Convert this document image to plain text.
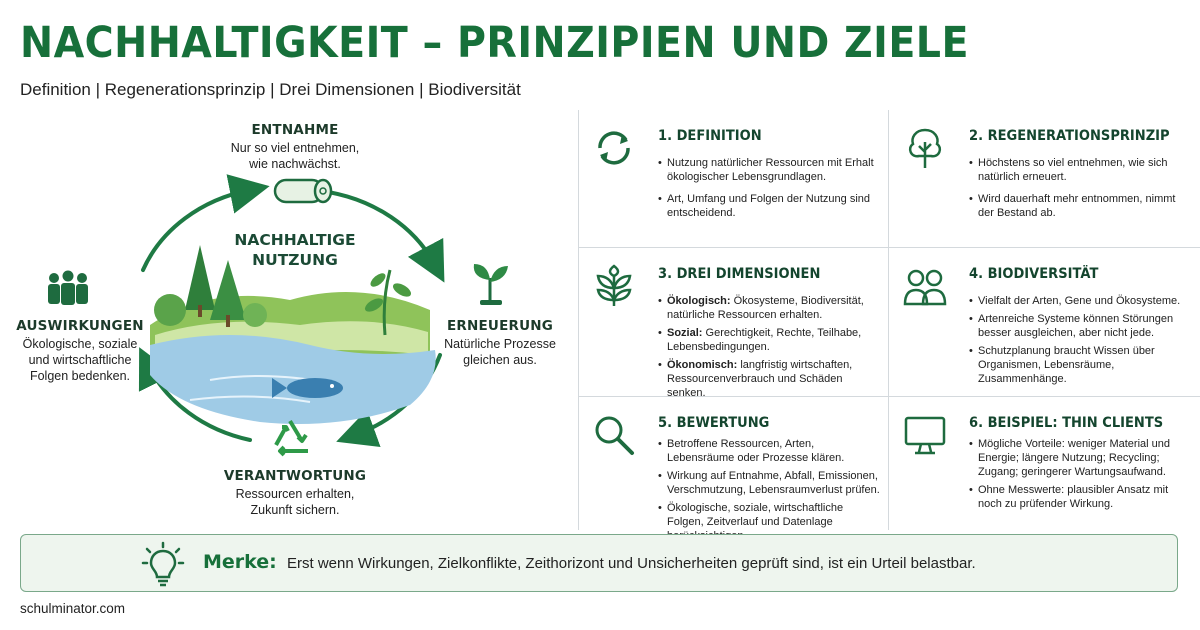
NACHHALTIGKEIT – PRINZIPIEN UND ZIELE
Definition | Regenerationsprinzip | Drei Dimensionen | Biodiversität
NACHHALTIGE NUTZUNG
ENTNAHME
Nur so viel entnehmen,
wie nachwächst.
ERNEUERUNG
Natürliche Prozesse
gleichen aus.
VERANTWORTUNG
Ressourcen erhalten,
Zukunft sichern.
AUSWIRKUNGEN
Ökologische, soziale
und wirtschaftliche
Folgen bedenken.
1. DEFINITION
• Nutzung natürlicher Ressourcen mit Erhalt ökologischer Lebensgrundlagen.
• Art, Umfang und Folgen der Nutzung sind entscheidend.
2. REGENERATIONSPRINZIP
• Höchstens so viel entnehmen, wie sich natürlich erneuert.
• Wird dauerhaft mehr entnommen, nimmt der Bestand ab.
3. DREI DIMENSIONEN
• Ökologisch: Ökosysteme, Biodiversität, natürliche Ressourcen erhalten.
• Sozial: Gerechtigkeit, Rechte, Teilhabe, Lebensbedingungen.
• Ökonomisch: langfristig wirtschaften, Ressourcenverbrauch und Schäden senken.
4. BIODIVERSITÄT
• Vielfalt der Arten, Gene und Ökosysteme.
• Artenreiche Systeme können Störungen besser ausgleichen, aber nicht jede.
• Schutzplanung braucht Wissen über Organismen, Lebensräume, Zusammenhänge.
5. BEWERTUNG
• Betroffene Ressourcen, Arten, Lebensräume oder Prozesse klären.
• Wirkung auf Entnahme, Abfall, Emissionen, Verschmutzung, Lebensraumverlust prüfen.
• Ökologische, soziale, wirtschaftliche Folgen, Zeitverlauf und Datenlage
6. BEISPIEL: THIN CLIENTS
• Mögliche Vorteile: weniger Material und Energie; längere Nutzung; Recycling; Zugang; geringerer Wartungsaufwand.
• Ohne Messwerte: plausibler Ansatz mit noch zu prüfender Wirkung.
Merke: Erst wenn Wirkungen, Zielkonflikte, Zeithorizont und Unsicherheiten geprüft sind, ist ein Urteil belastbar.
schulminator.com
